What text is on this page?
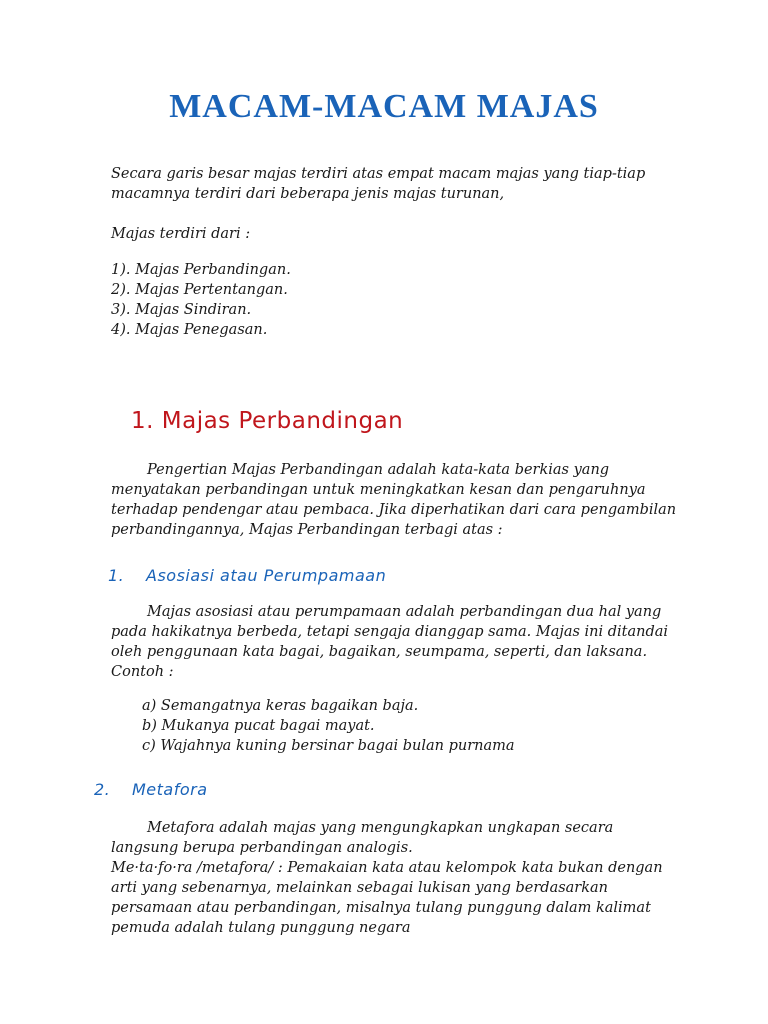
MACAM-MACAM MAJAS

Secara garis besar majas terdiri atas empat macam majas yang tiap-tiap macamnya terdiri dari beberapa jenis majas turunan,

Majas terdiri dari :
1). Majas Perbandingan.
2). Majas Pertentangan.
3). Majas Sindiran.
4). Majas Penegasan.
1. Majas Perbandingan

Pengertian Majas Perbandingan adalah kata-kata berkias yang menyatakan perbandingan untuk meningkatkan kesan dan pengaruhnya terhadap pendengar atau pembaca. Jika diperhatikan dari cara pengambilan perbandingannya, Majas Perbandingan terbagi atas :

1. Asosiasi atau Perumpamaan

Majas asosiasi atau perumpamaan adalah perbandingan dua hal yang pada hakikatnya berbeda, tetapi sengaja dianggap sama. Majas ini ditandai oleh penggunaan kata bagai, bagaikan, seumpama, seperti, dan laksana. Contoh :

a) Semangatnya keras bagaikan baja.
b) Mukanya pucat bagai mayat.
c) Wajahnya kuning bersinar bagai bulan purnama
2. Metafora

Metafora adalah majas yang mengungkapkan ungkapan secara langsung berupa perbandingan analogis.

Me·ta·fo·ra /metafora/ : Pemakaian kata atau kelompok kata bukan dengan arti yang sebenarnya, melainkan sebagai lukisan yang berdasarkan persamaan atau perbandingan, misalnya tulang punggung dalam kalimat pemuda adalah tulang punggung negara
